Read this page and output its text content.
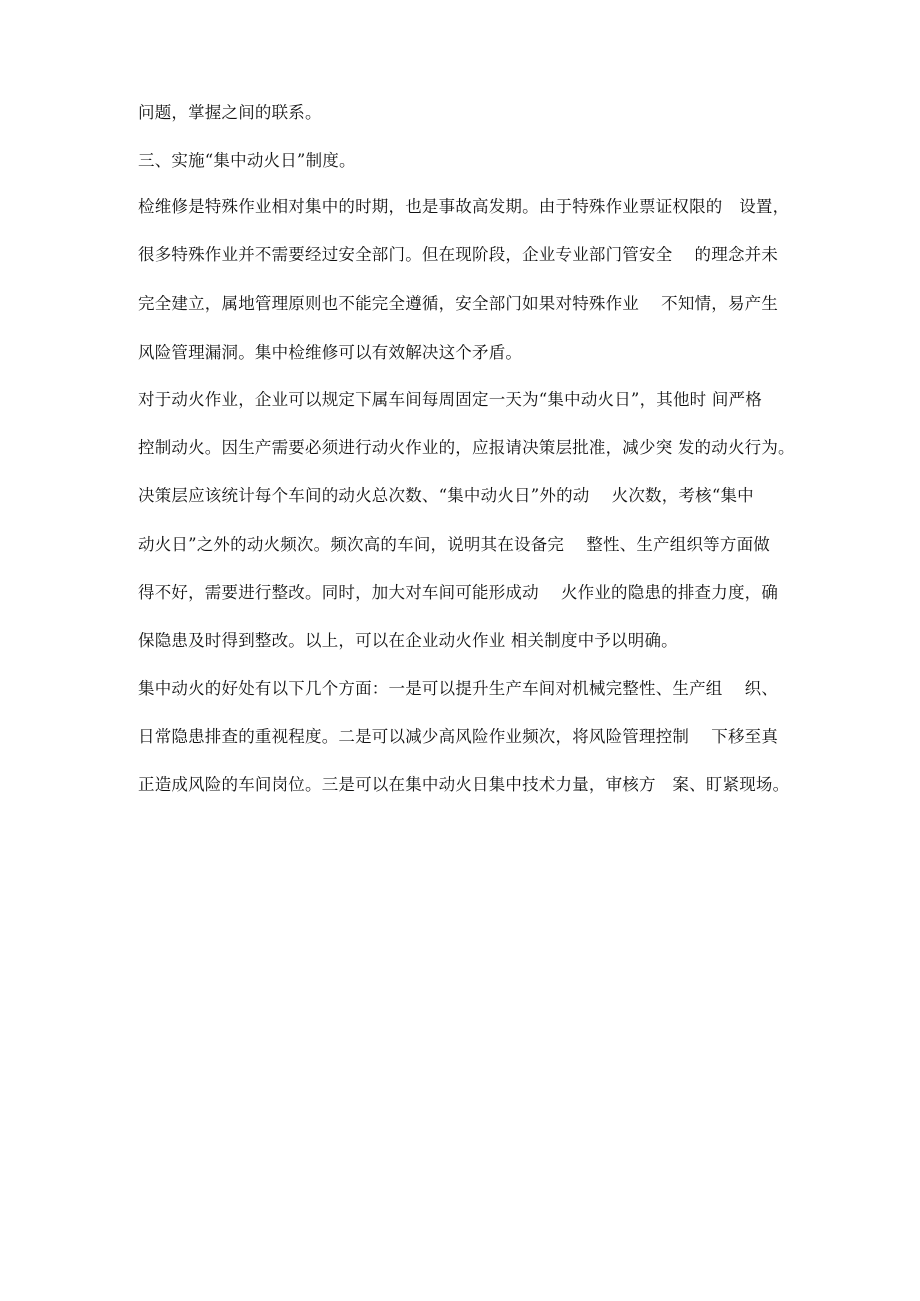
问题，掌握之间的联系。
三、实施“集中动火日”制度。
检维修是特殊作业相对集中的时期，也是事故高发期。由于特殊作业票证权限的　设置，
很多特殊作业并不需要经过安全部门。但在现阶段，企业专业部门管安全　 的理念并未
完全建立，属地管理原则也不能完全遵循，安全部门如果对特殊作业　 不知情，易产生
风险管理漏洞。集中检维修可以有效解决这个矛盾。
对于动火作业，企业可以规定下属车间每周固定一天为“集中动火日”，其他时 间严格
控制动火。因生产需要必须进行动火作业的，应报请决策层批准，减少突 发的动火行为。
决策层应该统计每个车间的动火总次数、“集中动火日”外的动　 火次数，考核“集中
动火日”之外的动火频次。频次高的车间，说明其在设备完　 整性、生产组织等方面做
得不好，需要进行整改。同时，加大对车间可能形成动　 火作业的隐患的排查力度，确
保隐患及时得到整改。以上，可以在企业动火作业 相关制度中予以明确。
集中动火的好处有以下几个方面：一是可以提升生产车间对机械完整性、生产组　 织、
日常隐患排查的重视程度。二是可以减少高风险作业频次，将风险管理控制　 下移至真
正造成风险的车间岗位。三是可以在集中动火日集中技术力量，审核方　案、盯紧现场。
